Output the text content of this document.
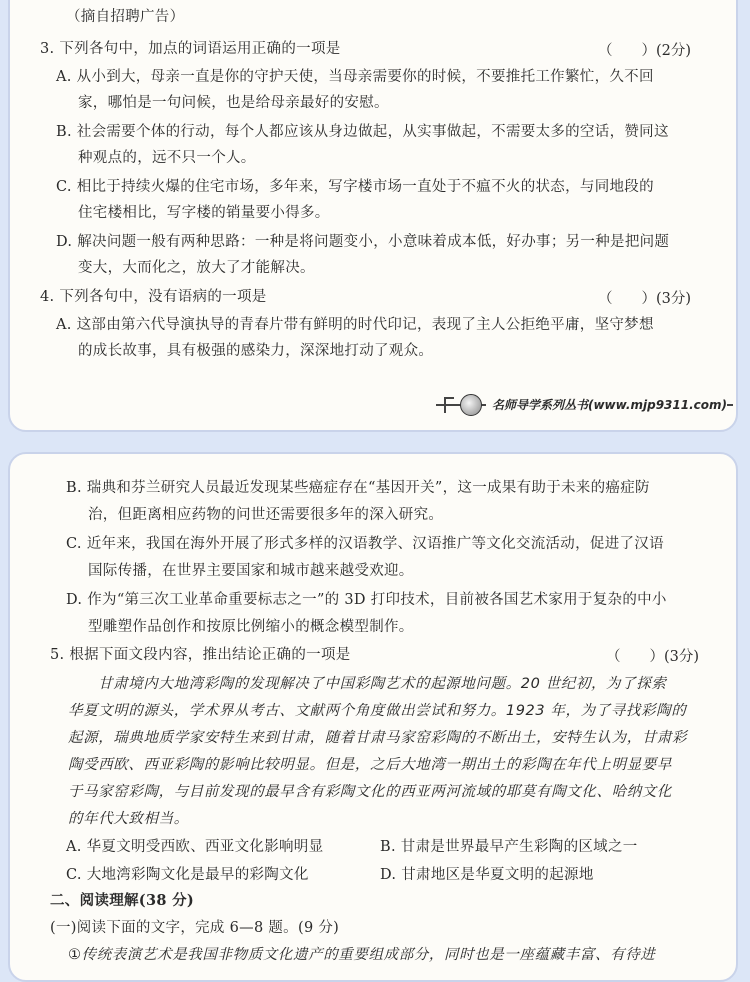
（摘自招聘广告）
3. 下列各句中，加点的词语运用正确的一项是	（　　）(2分)
A. 从小到大，母亲一直是你的守护天使，当母亲需要你的时候，不要推托工作繁忙，久不回
家，哪怕是一句问候，也是给母亲最好的安慰。
B. 社会需要个体的行动，每个人都应该从身边做起，从实事做起，不需要太多的空话，赞同这
种观点的，远不只一个人。
C. 相比于持续火爆的住宅市场，多年来，写字楼市场一直处于不瘟不火的状态，与同地段的
住宅楼相比，写字楼的销量要小得多。
D. 解决问题一般有两种思路：一种是将问题变小，小意味着成本低，好办事；另一种是把问题
变大，大而化之，放大了才能解决。
4. 下列各句中，没有语病的一项是	（　　）(3分)
A. 这部由第六代导演执导的青春片带有鲜明的时代印记，表现了主人公拒绝平庸，坚守梦想
的成长故事，具有极强的感染力，深深地打动了观众。
名师导学系列丛书(www.mjp9311.com)
B. 瑞典和芬兰研究人员最近发现某些癌症存在“基因开关”，这一成果有助于未来的癌症防
治，但距离相应药物的问世还需要很多年的深入研究。
C. 近年来，我国在海外开展了形式多样的汉语教学、汉语推广等文化交流活动，促进了汉语
国际传播，在世界主要国家和城市越来越受欢迎。
D. 作为“第三次工业革命重要标志之一”的 3D 打印技术，目前被各国艺术家用于复杂的中小
型雕塑作品创作和按原比例缩小的概念模型制作。
5. 根据下面文段内容，推出结论正确的一项是	（　　）(3分)
甘肃境内大地湾彩陶的发现解决了中国彩陶艺术的起源地问题。20 世纪初，为了探索
华夏文明的源头，学术界从考古、文献两个角度做出尝试和努力。1923 年，为了寻找彩陶的
起源，瑞典地质学家安特生来到甘肃，随着甘肃马家窑彩陶的不断出土，安特生认为，甘肃彩
陶受西欧、西亚彩陶的影响比较明显。但是，之后大地湾一期出土的彩陶在年代上明显要早
于马家窑彩陶，与目前发现的最早含有彩陶文化的西亚两河流域的耶莫有陶文化、哈纳文化
的年代大致相当。
A. 华夏文明受西欧、西亚文化影响明显	B. 甘肃是世界最早产生彩陶的区域之一
C. 大地湾彩陶文化是最早的彩陶文化	D. 甘肃地区是华夏文明的起源地
二、阅读理解(38 分)
(一)阅读下面的文字，完成 6—8 题。(9 分)
①传统表演艺术是我国非物质文化遗产的重要组成部分，同时也是一座蕴藏丰富、有待进
